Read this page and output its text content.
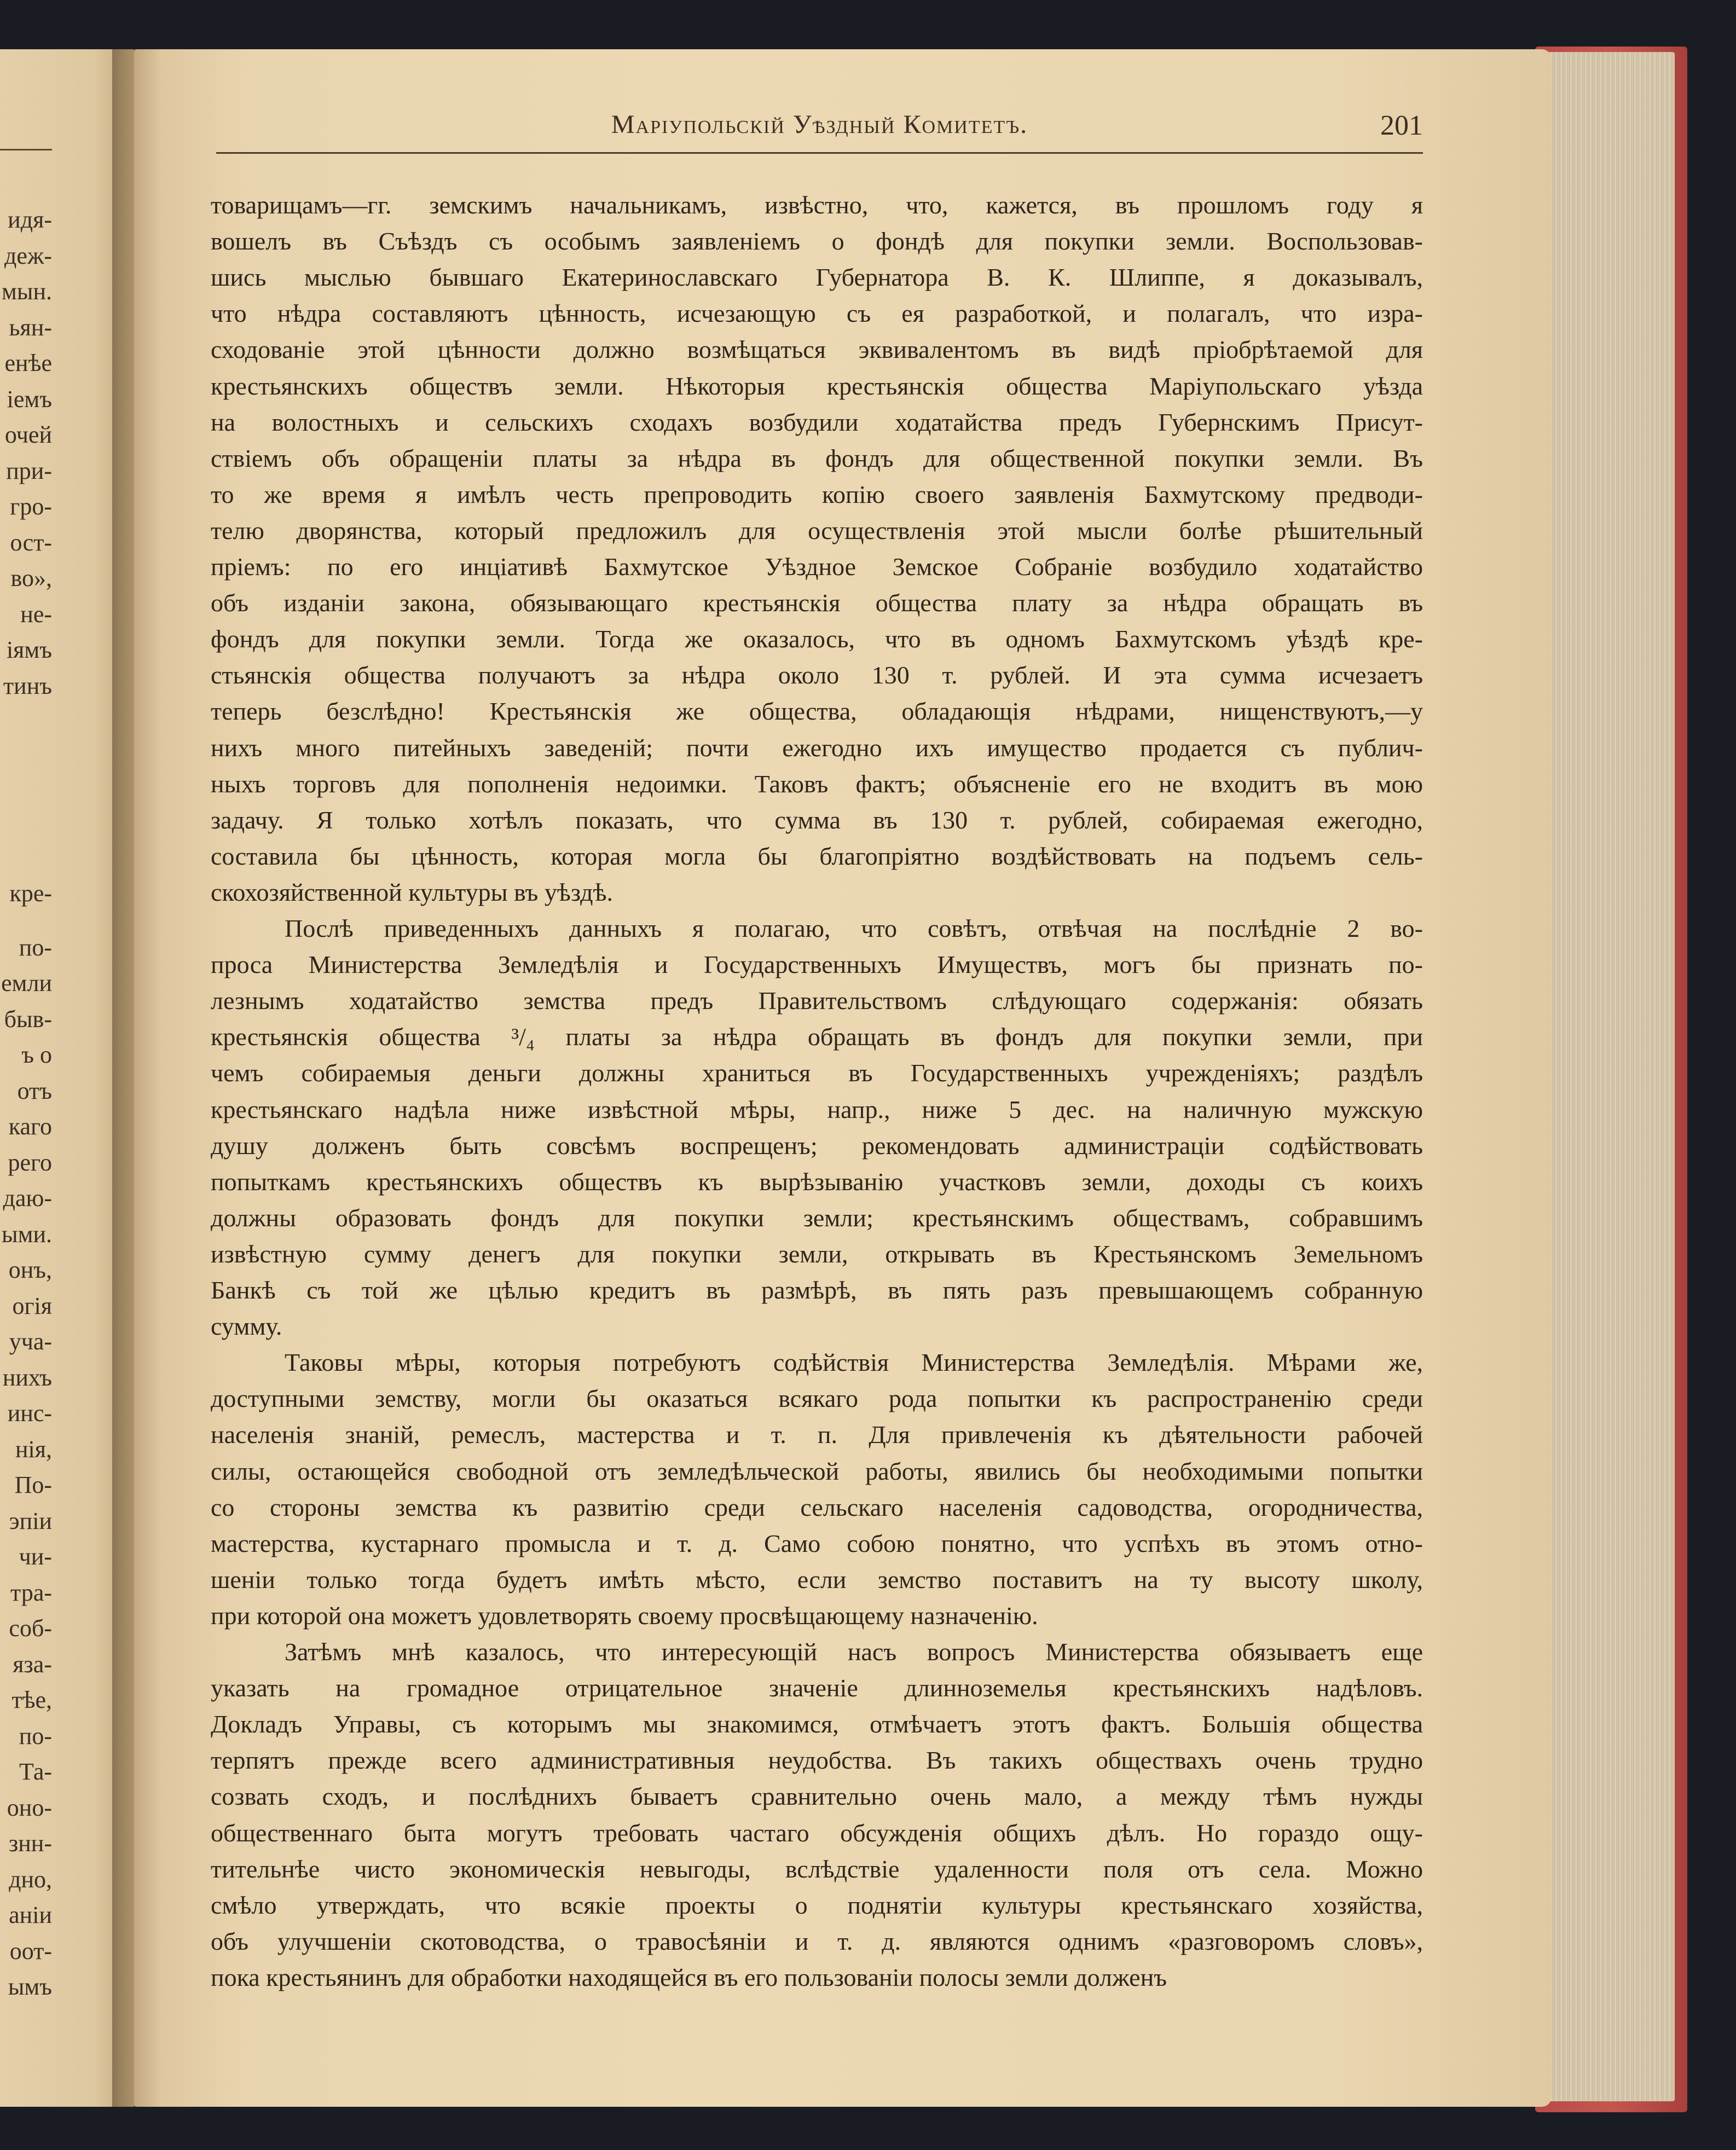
идя-
деж-
мын.
ьян-
енѣе
іемъ
очей
при-
гро-
ост-
во»,
не-
іямъ
тинъ
кре-
по-
емли
быв-
ъ о
отъ
каго
рего
даю-
ыми.
онъ,
огія
уча-
нихъ
инс-
нія,
По-
эпіи
чи-
тра-
соб-
яза-
тѣе,
по-
Та-
оно-
знн-
дно,
аніи
оот-
ымъ
Маріупольскій Уѣздный Комитетъ.	201
товарищамъ—гг. земскимъ начальникамъ, извѣстно, что, кажется, въ прошломъ году я
вошелъ въ Съѣздъ съ особымъ заявленіемъ о фондѣ для покупки земли. Воспользовав-
шись мыслью бывшаго Екатеринославскаго Губернатора В. К. Шлиппе, я доказывалъ,
что нѣдра составляютъ цѣнность, исчезающую съ ея разработкой, и полагалъ, что изра-
сходованіе этой цѣнности должно возмѣщаться эквивалентомъ въ видѣ пріобрѣтаемой для
крестьянскихъ обществъ земли. Нѣкоторыя крестьянскія общества Маріупольскаго уѣзда
на волостныхъ и сельскихъ сходахъ возбудили ходатайства предъ Губернскимъ Присут-
ствіемъ объ обращеніи платы за нѣдра въ фондъ для общественной покупки земли. Въ
то же время я имѣлъ честь препроводить копію своего заявленія Бахмутскому предводи-
телю дворянства, который предложилъ для осуществленія этой мысли болѣе рѣшительный
пріемъ: по его инціативѣ Бахмутское Уѣздное Земское Собраніе возбудило ходатайство
объ изданіи закона, обязывающаго крестьянскія общества плату за нѣдра обращать въ
фондъ для покупки земли. Тогда же оказалось, что въ одномъ Бахмутскомъ уѣздѣ кре-
стьянскія общества получаютъ за нѣдра около 130 т. рублей. И эта сумма исчезаетъ
теперь безслѣдно! Крестьянскія же общества, обладающія нѣдрами, нищенствуютъ,—у
нихъ много питейныхъ заведеній; почти ежегодно ихъ имущество продается съ публич-
ныхъ торговъ для пополненія недоимки. Таковъ фактъ; объясненіе его не входитъ въ мою
задачу. Я только хотѣлъ показать, что сумма въ 130 т. рублей, собираемая ежегодно,
составила бы цѣнность, которая могла бы благопріятно воздѣйствовать на подъемъ сель-
скохозяйственной культуры въ уѣздѣ.
Послѣ приведенныхъ данныхъ я полагаю, что совѣтъ, отвѣчая на послѣдніе 2 во-
проса Министерства Земледѣлія и Государственныхъ Имуществъ, могъ бы признать по-
лезнымъ ходатайство земства предъ Правительствомъ слѣдующаго содержанія: обязать
крестьянскія общества ³/₄ платы за нѣдра обращать въ фондъ для покупки земли, при
чемъ собираемыя деньги должны храниться въ Государственныхъ учрежденіяхъ; раздѣлъ
крестьянскаго надѣла ниже извѣстной мѣры, напр., ниже 5 дес. на наличную мужскую
душу долженъ быть совсѣмъ воспрещенъ; рекомендовать администраціи содѣйствовать
попыткамъ крестьянскихъ обществъ къ вырѣзыванію участковъ земли, доходы съ коихъ
должны образовать фондъ для покупки земли; крестьянскимъ обществамъ, собравшимъ
извѣстную сумму денегъ для покупки земли, открывать въ Крестьянскомъ Земельномъ
Банкѣ съ той же цѣлью кредитъ въ размѣрѣ, въ пять разъ превышающемъ собранную
сумму.
Таковы мѣры, которыя потребуютъ содѣйствія Министерства Земледѣлія. Мѣрами же,
доступными земству, могли бы оказаться всякаго рода попытки къ распространенію среди
населенія знаній, ремеслъ, мастерства и т. п. Для привлеченія къ дѣятельности рабочей
силы, остающейся свободной отъ земледѣльческой работы, явились бы необходимыми попытки
со стороны земства къ развитію среди сельскаго населенія садоводства, огородничества,
мастерства, кустарнаго промысла и т. д. Само собою понятно, что успѣхъ въ этомъ отно-
шеніи только тогда будетъ имѣть мѣсто, если земство поставитъ на ту высоту школу,
при которой она можетъ удовлетворять своему просвѣщающему назначенію.
Затѣмъ мнѣ казалось, что интересующій насъ вопросъ Министерства обязываетъ еще
указать на громадное отрицательное значеніе длинноземелья крестьянскихъ надѣловъ.
Докладъ Управы, съ которымъ мы знакомимся, отмѣчаетъ этотъ фактъ. Большія общества
терпятъ прежде всего административныя неудобства. Въ такихъ обществахъ очень трудно
созвать сходъ, и послѣднихъ бываетъ сравнительно очень мало, а между тѣмъ нужды
общественнаго быта могутъ требовать частаго обсужденія общихъ дѣлъ. Но гораздо ощу-
тительнѣе чисто экономическія невыгоды, вслѣдствіе удаленности поля отъ села. Можно
смѣло утверждать, что всякіе проекты о поднятіи культуры крестьянскаго хозяйства,
объ улучшеніи скотоводства, о травосѣяніи и т. д. являются однимъ «разговоромъ словъ»,
пока крестьянинъ для обработки находящейся въ его пользованіи полосы земли долженъ
